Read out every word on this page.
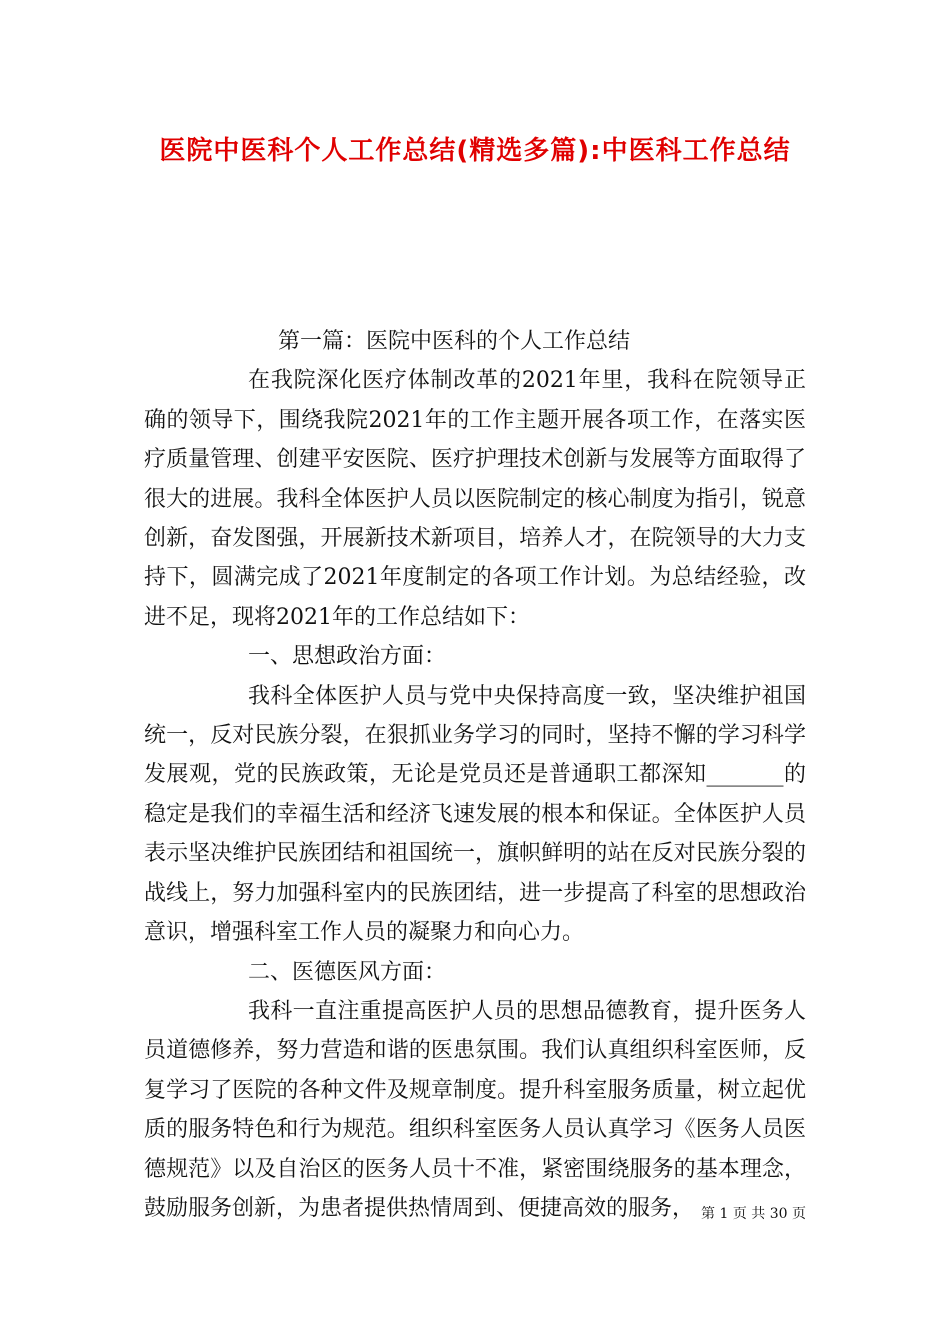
医院中医科个人工作总结(精选多篇):中医科工作总结

第一篇：医院中医科的个人工作总结

在我院深化医疗体制改革的2021年里，我科在院领导正确的领导下，围绕我院2021年的工作主题开展各项工作，在落实医疗质量管理、创建平安医院、医疗护理技术创新与发展等方面取得了很大的进展。我科全体医护人员以医院制定的核心制度为指引，锐意创新，奋发图强，开展新技术新项目，培养人才，在院领导的大力支持下，圆满完成了2021年度制定的各项工作计划。为总结经验，改进不足，现将2021年的工作总结如下：

一、思想政治方面：

我科全体医护人员与党中央保持高度一致，坚决维护祖国统一，反对民族分裂，在狠抓业务学习的同时，坚持不懈的学习科学发展观，党的民族政策，无论是党员还是普通职工都深知_______的稳定是我们的幸福生活和经济飞速发展的根本和保证。全体医护人员表示坚决维护民族团结和祖国统一，旗帜鲜明的站在反对民族分裂的战线上，努力加强科室内的民族团结，进一步提高了科室的思想政治意识，增强科室工作人员的凝聚力和向心力。

二、医德医风方面：

我科一直注重提高医护人员的思想品德教育，提升医务人员道德修养，努力营造和谐的医患氛围。我们认真组织科室医师，反复学习了医院的各种文件及规章制度。提升科室服务质量，树立起优质的服务特色和行为规范。组织科室医务人员认真学习《医务人员医德规范》以及自治区的医务人员十不准，紧密围绕服务的基本理念，鼓励服务创新，为患者提供热情周到、便捷高效的服务， 第 1 页 共 30 页
